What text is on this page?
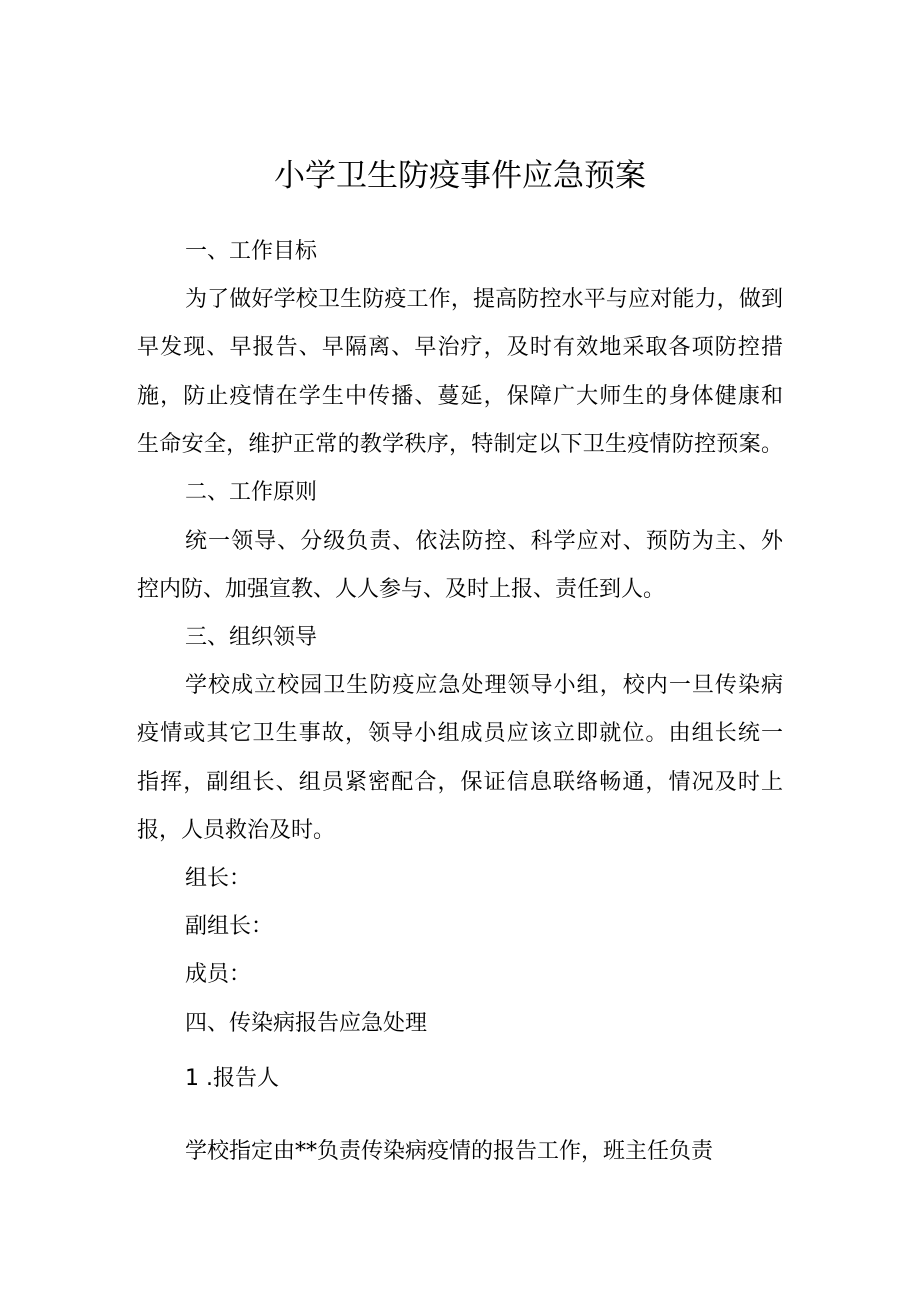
小学卫生防疫事件应急预案

一、工作目标

为了做好学校卫生防疫工作，提高防控水平与应对能力，做到

早发现、早报告、早隔离、早治疗，及时有效地采取各项防控措

施，防止疫情在学生中传播、蔓延，保障广大师生的身体健康和

生命安全，维护正常的教学秩序，特制定以下卫生疫情防控预案。

二、工作原则

统一领导、分级负责、依法防控、科学应对、预防为主、外

控内防、加强宣教、人人参与、及时上报、责任到人。

三、组织领导

学校成立校园卫生防疫应急处理领导小组，校内一旦传染病

疫情或其它卫生事故，领导小组成员应该立即就位。由组长统一

指挥，副组长、组员紧密配合，保证信息联络畅通，情况及时上

报，人员救治及时。

组长：

副组长：

成员：

四、传染病报告应急处理

1 .报告人

学校指定由**负责传染病疫情的报告工作，班主任负责
